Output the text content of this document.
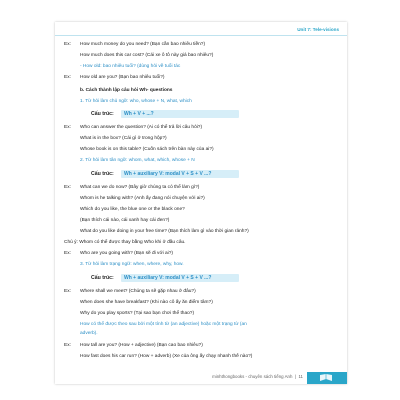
Unit 7: Tele-visions
Ex: How much money do you need? (Bạn cần bao nhiêu tiền?)
How much does this car cost? (Cái xe ô tô này giá bao nhiêu?)
- How old: bao nhiêu tuổi? (dùng hỏi về tuổi tác
Ex: How old are you? (Bạn bao nhiêu tuổi?)
b. Cách thành lập câu hỏi Wh- questions
1. Từ hỏi làm chủ ngữ: who, whose + N, what, which
Cấu trúc:	Wh + V + ...?
Ex: Who can answer the question? (Ai có thể trả lời câu hỏi?)
What is in the box? (Cái gì ở trong hộp?)
Whose book is on this table? (Cuốn sách trên bàn này của ai?)
2. Từ hỏi làm tân ngữ: whom, what, which, whose + N
Cấu trúc:	Wh + auxiliary V: modal V + S + V ...?
Ex: What can we do now? (Bây giờ chúng ta có thể làm gì?)
Whom is he talking with? (Anh ấy đang nói chuyện với ai?)
Which do you like, the blue one or the black one?
(Bạn thích cái nào, cái xanh hay cái đen?)
What do you like doing in your free time? (Bạn thích làm gì vào thời gian rảnh?)
Chú ý: Whom có thể được thay bằng Who khi ở đầu câu.
Ex: Who are you going with? (Bạn sẽ đi với ai?)
3. Từ hỏi làm trạng ngữ: when, where, why, how.
Cấu trúc:	Wh + auxiliary V: modal V + S + V ...?
Ex: Where shall we meet? (Chúng ta sẽ gặp nhau ở đâu?)
When does she have breakfast? (Khi nào cô ấy ăn điểm tâm?)
Why do you play sports? (Tại sao bạn chơi thể thao?)
How có thể được theo sau bởi một tính từ (an adjective) hoặc một trạng từ (an
adverb).
Ex: How tall are you? (How + adjective) (Bạn cao bao nhiêu?)
How fast does his car run? (How + adverb) (Xe của ông ấy chạy nhanh thế nào?)
minhthongbooks - chuyên sách tiếng Anh  |  11
